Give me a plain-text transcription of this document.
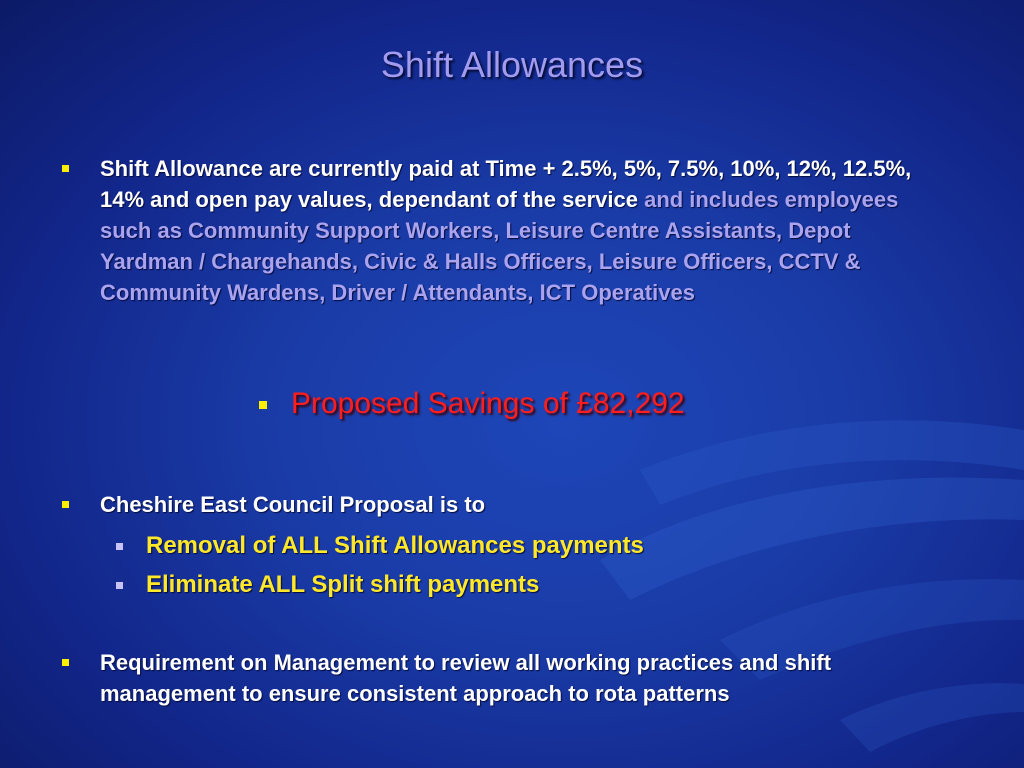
Shift Allowances
Shift Allowance are currently paid at Time + 2.5%, 5%, 7.5%, 10%, 12%, 12.5%, 14% and open pay values, dependant of the service and includes employees such as Community Support Workers, Leisure Centre Assistants, Depot Yardman / Chargehands, Civic & Halls Officers, Leisure Officers, CCTV & Community Wardens, Driver / Attendants, ICT Operatives
Proposed Savings of £82,292
Cheshire East Council Proposal is to
Removal of ALL Shift Allowances payments
Eliminate ALL Split shift payments
Requirement on Management to review all working practices and shift management to ensure consistent approach to rota patterns
